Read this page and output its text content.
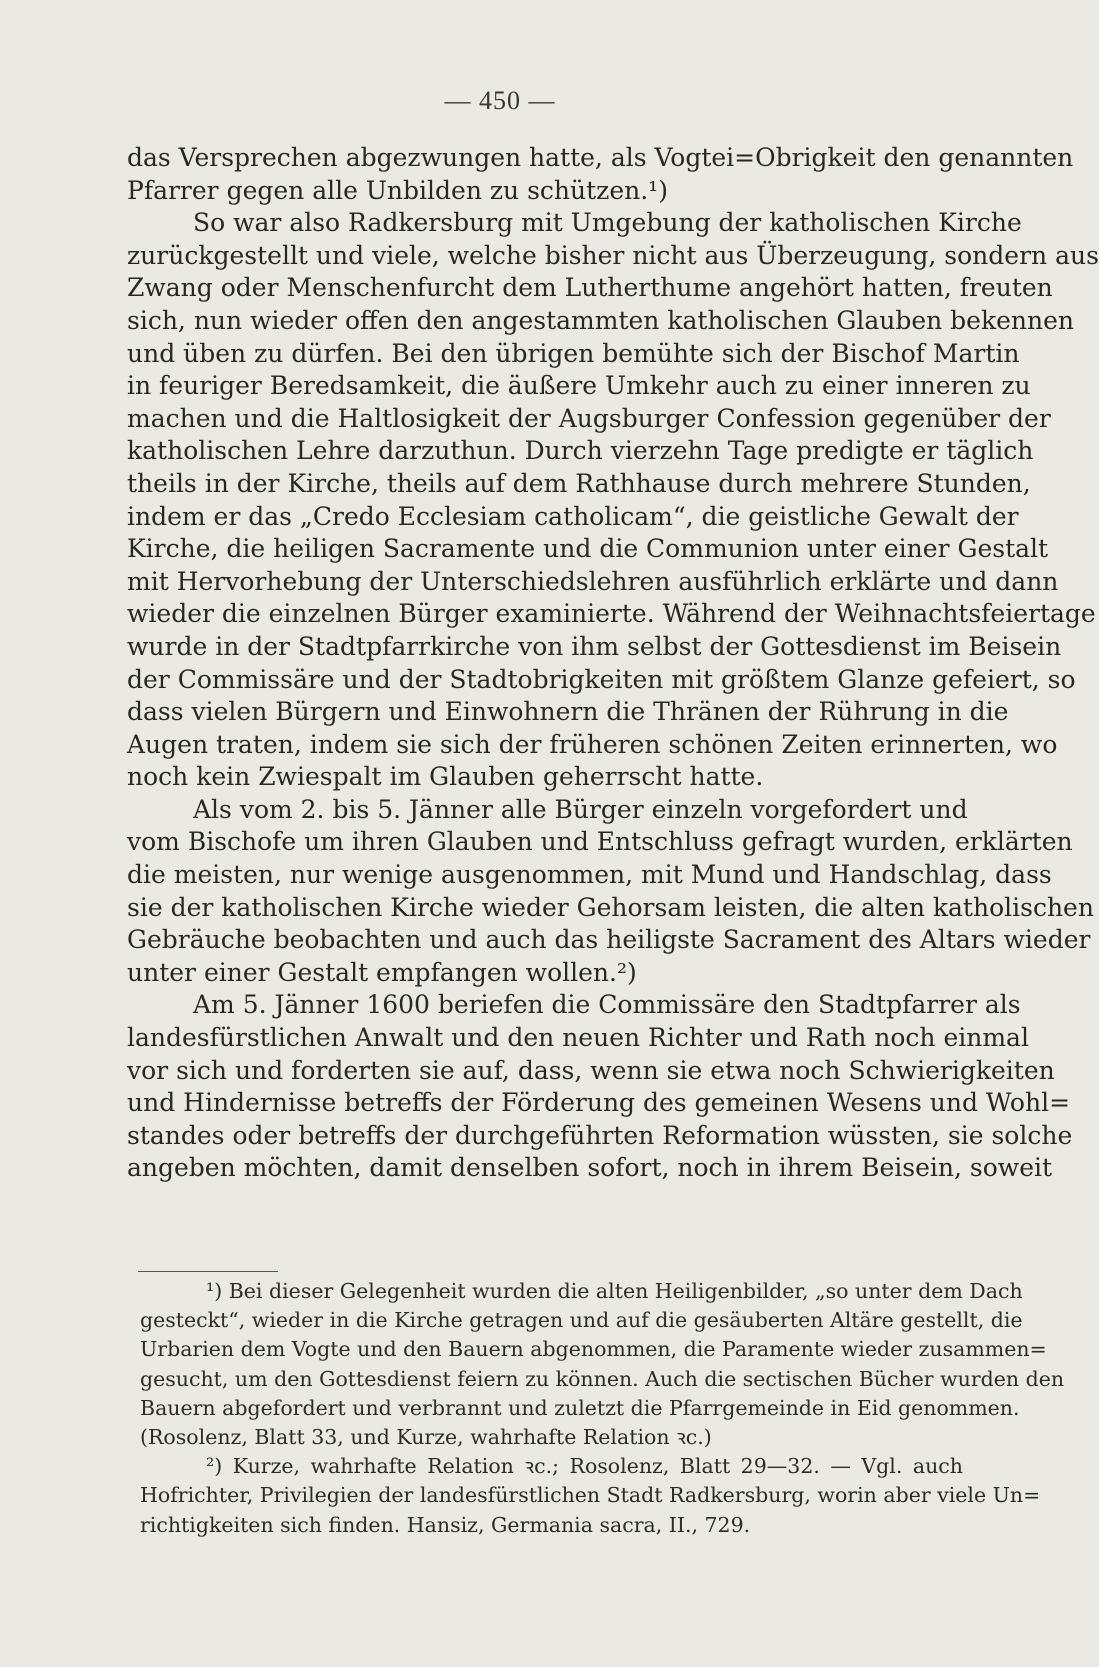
— 450 —
das Versprechen abgezwungen hatte, als Vogtei=Obrigkeit den genannten
Pfarrer gegen alle Unbilden zu schützen.¹)
So war also Radkersburg mit Umgebung der katholischen Kirche
zurückgestellt und viele, welche bisher nicht aus Überzeugung, sondern aus
Zwang oder Menschenfurcht dem Lutherthume angehört hatten, freuten
sich, nun wieder offen den angestammten katholischen Glauben bekennen
und üben zu dürfen. Bei den übrigen bemühte sich der Bischof Martin
in feuriger Beredsamkeit, die äußere Umkehr auch zu einer inneren zu
machen und die Haltlosigkeit der Augsburger Confession gegenüber der
katholischen Lehre darzuthun. Durch vierzehn Tage predigte er täglich
theils in der Kirche, theils auf dem Rathhause durch mehrere Stunden,
indem er das „Credo Ecclesiam catholicam“, die geistliche Gewalt der
Kirche, die heiligen Sacramente und die Communion unter einer Gestalt
mit Hervorhebung der Unterschiedslehren ausführlich erklärte und dann
wieder die einzelnen Bürger examinierte. Während der Weihnachtsfeiertage
wurde in der Stadtpfarrkirche von ihm selbst der Gottesdienst im Beisein
der Commissäre und der Stadtobrigkeiten mit größtem Glanze gefeiert, so
dass vielen Bürgern und Einwohnern die Thränen der Rührung in die
Augen traten, indem sie sich der früheren schönen Zeiten erinnerten, wo
noch kein Zwiespalt im Glauben geherrscht hatte.
Als vom 2. bis 5. Jänner alle Bürger einzeln vorgefordert und
vom Bischofe um ihren Glauben und Entschluss gefragt wurden, erklärten
die meisten, nur wenige ausgenommen, mit Mund und Handschlag, dass
sie der katholischen Kirche wieder Gehorsam leisten, die alten katholischen
Gebräuche beobachten und auch das heiligste Sacrament des Altars wieder
unter einer Gestalt empfangen wollen.²)
Am 5. Jänner 1600 beriefen die Commissäre den Stadtpfarrer als
landesfürstlichen Anwalt und den neuen Richter und Rath noch einmal
vor sich und forderten sie auf, dass, wenn sie etwa noch Schwierigkeiten
und Hindernisse betreffs der Förderung des gemeinen Wesens und Wohl=
standes oder betreffs der durchgeführten Reformation wüssten, sie solche
angeben möchten, damit denselben sofort, noch in ihrem Beisein, soweit
¹) Bei dieser Gelegenheit wurden die alten Heiligenbilder, „so unter dem Dach
gesteckt“, wieder in die Kirche getragen und auf die gesäuberten Altäre gestellt, die
Urbarien dem Vogte und den Bauern abgenommen, die Paramente wieder zusammen=
gesucht, um den Gottesdienst feiern zu können. Auch die sectischen Bücher wurden den
Bauern abgefordert und verbrannt und zuletzt die Pfarrgemeinde in Eid genommen.
(Rosolenz, Blatt 33, und Kurze, wahrhafte Relation ꝛc.)
²) Kurze, wahrhafte Relation ꝛc.; Rosolenz, Blatt 29—32. — Vgl. auch
Hofrichter, Privilegien der landesfürstlichen Stadt Radkersburg, worin aber viele Un=
richtigkeiten sich finden. Hansiz, Germania sacra, II., 729.
